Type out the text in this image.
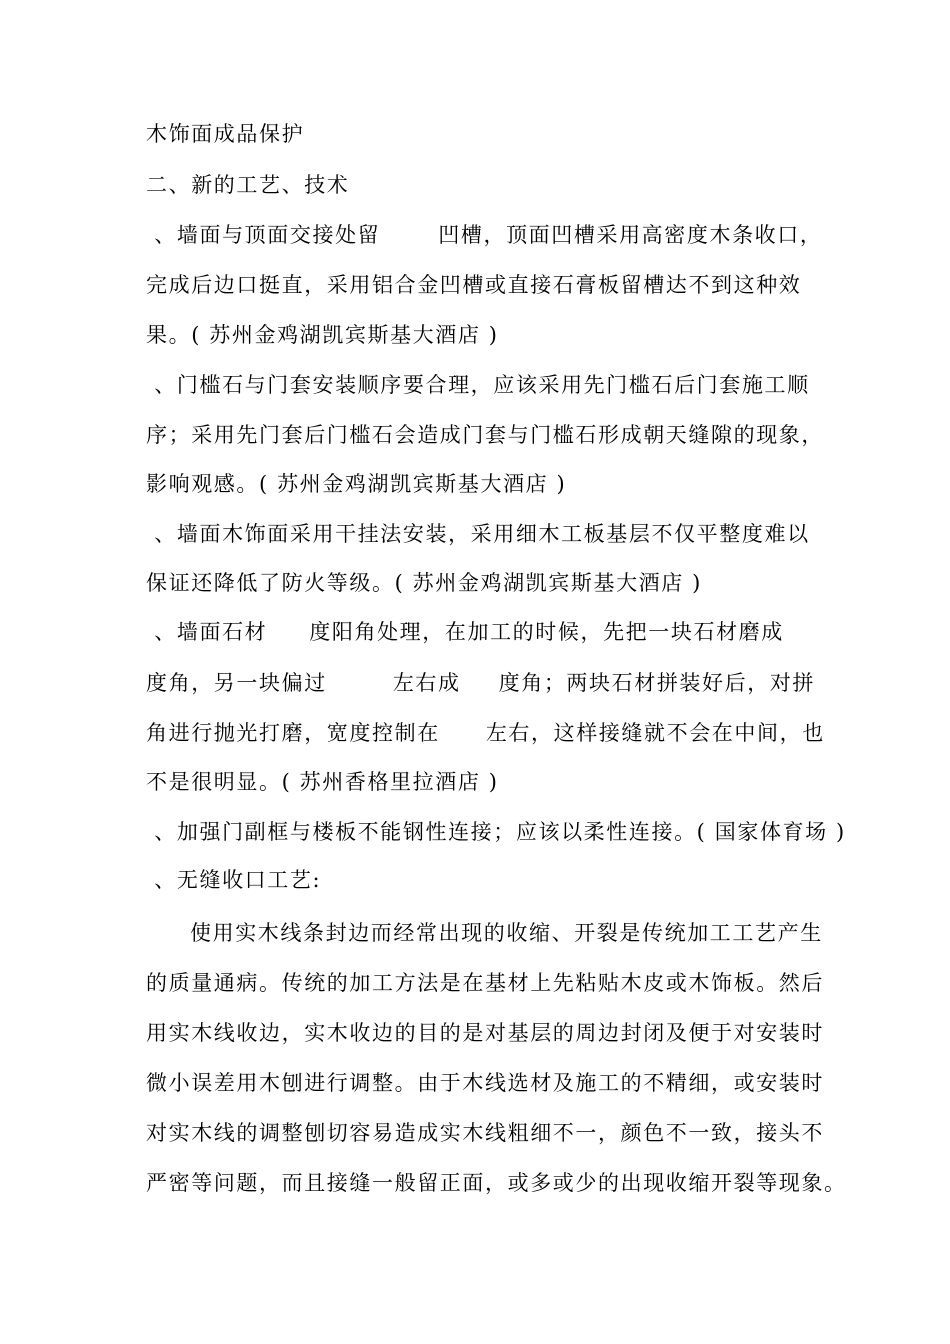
木饰面成品保护
二、新的工艺、技术
、墙面与顶面交接处留	凹槽，顶面凹槽采用高密度木条收口，
完成后边口挺直，采用铝合金凹槽或直接石膏板留槽达不到这种效
果。( 苏州金鸡湖凯宾斯基大酒店 )
、门槛石与门套安装顺序要合理，应该采用先门槛石后门套施工顺
序；采用先门套后门槛石会造成门套与门槛石形成朝天缝隙的现象，
影响观感。( 苏州金鸡湖凯宾斯基大酒店 )
、墙面木饰面采用干挂法安装，采用细木工板基层不仅平整度难以
保证还降低了防火等级。( 苏州金鸡湖凯宾斯基大酒店 )
、墙面石材 度阳角处理，在加工的时候，先把一块石材磨成
度角，另一块偏过	左右成 度角；两块石材拼装好后，对拼
角进行抛光打磨，宽度控制在 左右，这样接缝就不会在中间，也
不是很明显。( 苏州香格里拉酒店 )
、加强门副框与楼板不能钢性连接；应该以柔性连接。( 国家体育场 )
、无缝收口工艺:
使用实木线条封边而经常出现的收缩、开裂是传统加工工艺产生
的质量通病。传统的加工方法是在基材上先粘贴木皮或木饰板。然后
用实木线收边，实木收边的目的是对基层的周边封闭及便于对安装时
微小误差用木刨进行调整。由于木线选材及施工的不精细，或安装时
对实木线的调整刨切容易造成实木线粗细不一，颜色不一致，接头不
严密等问题，而且接缝一般留正面，或多或少的出现收缩开裂等现象。
